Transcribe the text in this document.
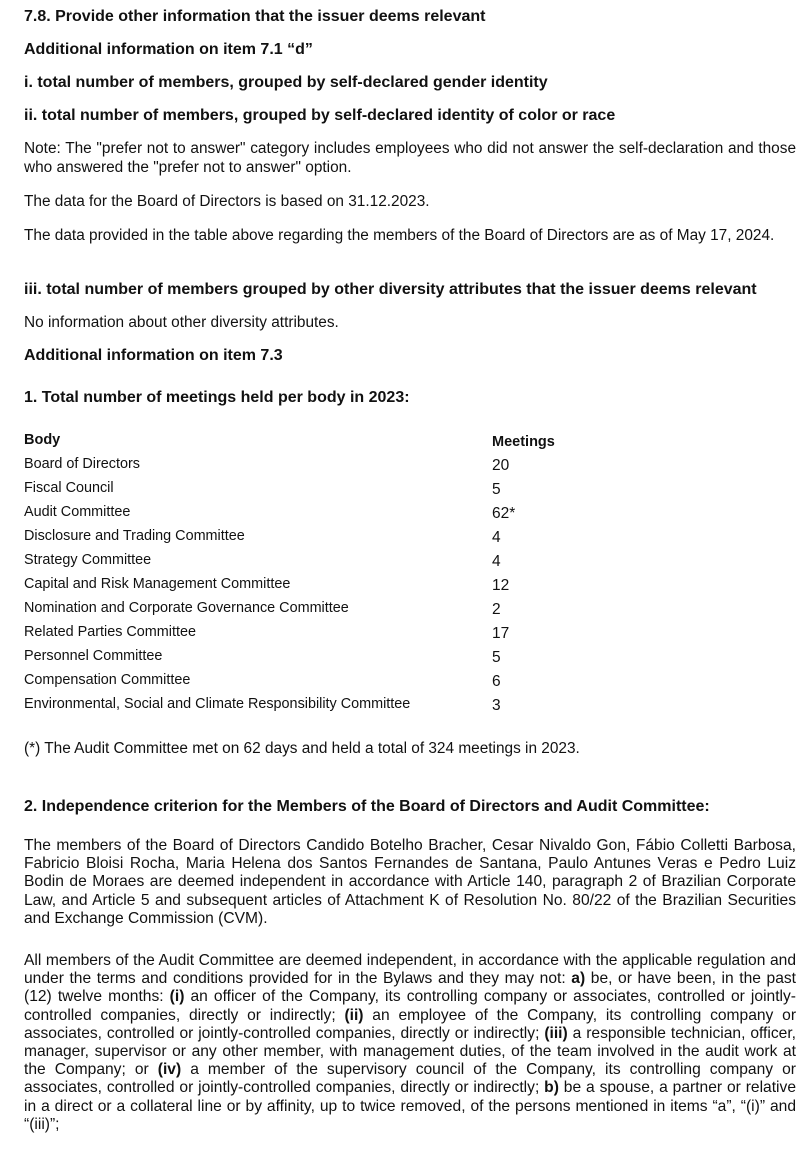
7.8. Provide other information that the issuer deems relevant
Additional information on item 7.1 “d”
i. total number of members, grouped by self-declared gender identity
ii. total number of members, grouped by self-declared identity of color or race
Note: The "prefer not to answer" category includes employees who did not answer the self-declaration and those who answered the "prefer not to answer" option.
The data for the Board of Directors is based on 31.12.2023.
The data provided in the table above regarding the members of the Board of Directors are as of May 17, 2024.
iii. total number of members grouped by other diversity attributes that the issuer deems relevant
No information about other diversity attributes.
Additional information on item 7.3
1. Total number of meetings held per body in 2023:
Body	Meetings
Board of Directors	20
Fiscal Council	5
Audit Committee	62*
Disclosure and Trading Committee	4
Strategy Committee	4
Capital and Risk Management Committee	12
Nomination and Corporate Governance Committee	2
Related Parties Committee	17
Personnel Committee	5
Compensation Committee	6
Environmental, Social and Climate Responsibility Committee	3
(*) The Audit Committee met on 62 days and held a total of 324 meetings in 2023.
2. Independence criterion for the Members of the Board of Directors and Audit Committee:
The members of the Board of Directors Candido Botelho Bracher, Cesar Nivaldo Gon, Fábio Colletti Barbosa, Fabricio Bloisi Rocha, Maria Helena dos Santos Fernandes de Santana, Paulo Antunes Veras e Pedro Luiz Bodin de Moraes are deemed independent in accordance with Article 140, paragraph 2 of Brazilian Corporate Law, and Article 5 and subsequent articles of Attachment K of Resolution No. 80/22 of the Brazilian Securities and Exchange Commission (CVM).
All members of the Audit Committee are deemed independent, in accordance with the applicable regulation and under the terms and conditions provided for in the Bylaws and they may not: a) be, or have been, in the past (12) twelve months: (i) an officer of the Company, its controlling company or associates, controlled or jointly-controlled companies, directly or indirectly; (ii) an employee of the Company, its controlling company or associates, controlled or jointly-controlled companies, directly or indirectly; (iii) a responsible technician, officer, manager, supervisor or any other member, with management duties, of the team involved in the audit work at the Company; or (iv) a member of the supervisory council of the Company, its controlling company or associates, controlled or jointly-controlled companies, directly or indirectly; b) be a spouse, a partner or relative in a direct or a collateral line or by affinity, up to twice removed, of the persons mentioned in items “a”, “(i)” and “(iii)”;
